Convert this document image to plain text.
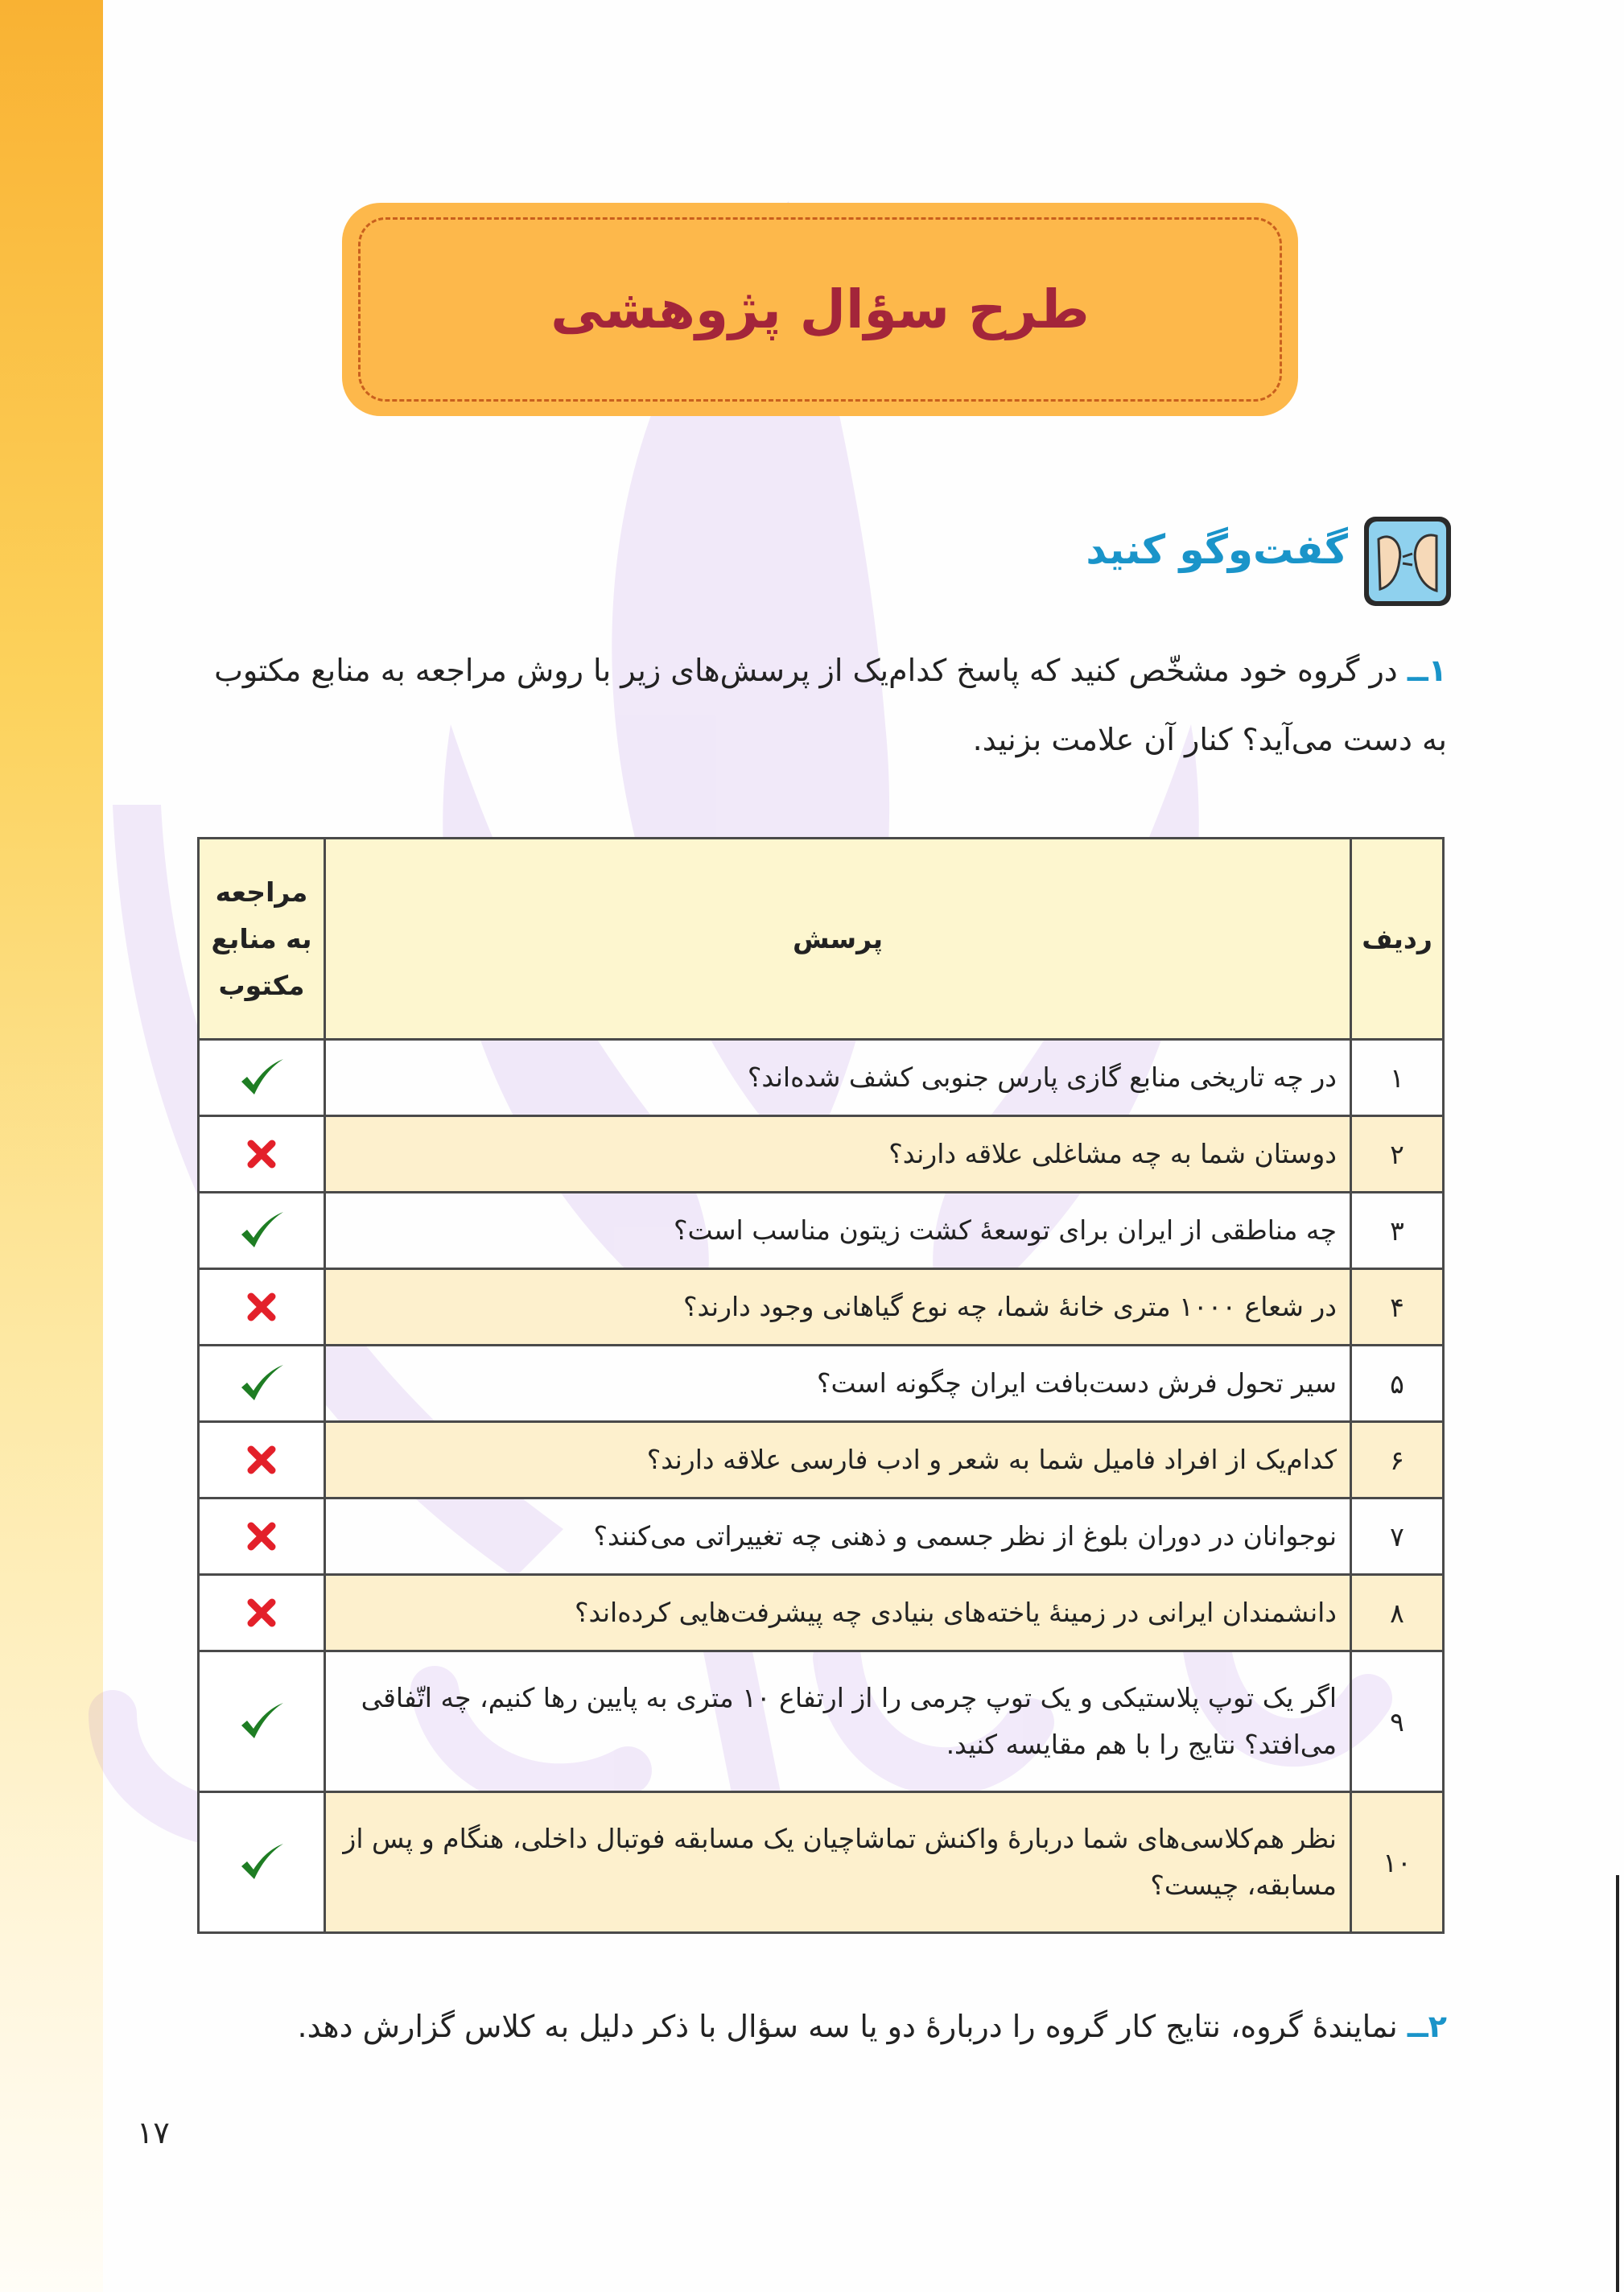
طرح سؤال پژوهشی
گفت‌و‌گو کنید
۱ــ در گروه خود مشخّص کنید که پاسخ کدام‌یک از پرسش‌های زیر با روش مراجعه به منابع مکتوب به دست می‌آید؟ کنار آن علامت بزنید.
ردیف	پرسش	مراجعه
به منابع
مکتوب

۱	در چه تاریخی منابع گازی پارس جنوبی کشف شده‌اند؟	

۲	دوستان شما به چه مشاغلی علاقه دارند؟	

۳	چه مناطقی از ایران برای توسعهٔ کشت زیتون مناسب است؟	

۴	در شعاع ۱۰۰۰ متری خانهٔ شما، چه نوع گیاهانی وجود دارند؟	

۵	سیر تحول فرش دست‌بافت ایران چگونه است؟	

۶	کدام‌یک از افراد فامیل شما به شعر و ادب فارسی علاقه دارند؟	

۷	نوجوانان در دوران بلوغ از نظر جسمی و ذهنی چه تغییراتی می‌کنند؟	

۸	دانشمندان ایرانی در زمینهٔ یاخته‌های بنیادی چه پیشرفت‌هایی کرده‌اند؟	

۹	اگر یک توپ پلاستیکی و یک توپ چرمی را از ارتفاع ۱۰ متری به پایین رها کنیم، چه اتّفاقی می‌افتد؟ نتایج را با هم مقایسه کنید.	

۱۰	نظر هم‌کلاسی‌های شما دربارهٔ واکنش تماشاچیان یک مسابقه فوتبال داخلی، هنگام و پس از مسابقه، چیست؟	
۲ــ نمایندهٔ گروه، نتایج کار گروه را دربارهٔ دو یا سه سؤال با ذکر دلیل به کلاس گزارش دهد.
۱۷
